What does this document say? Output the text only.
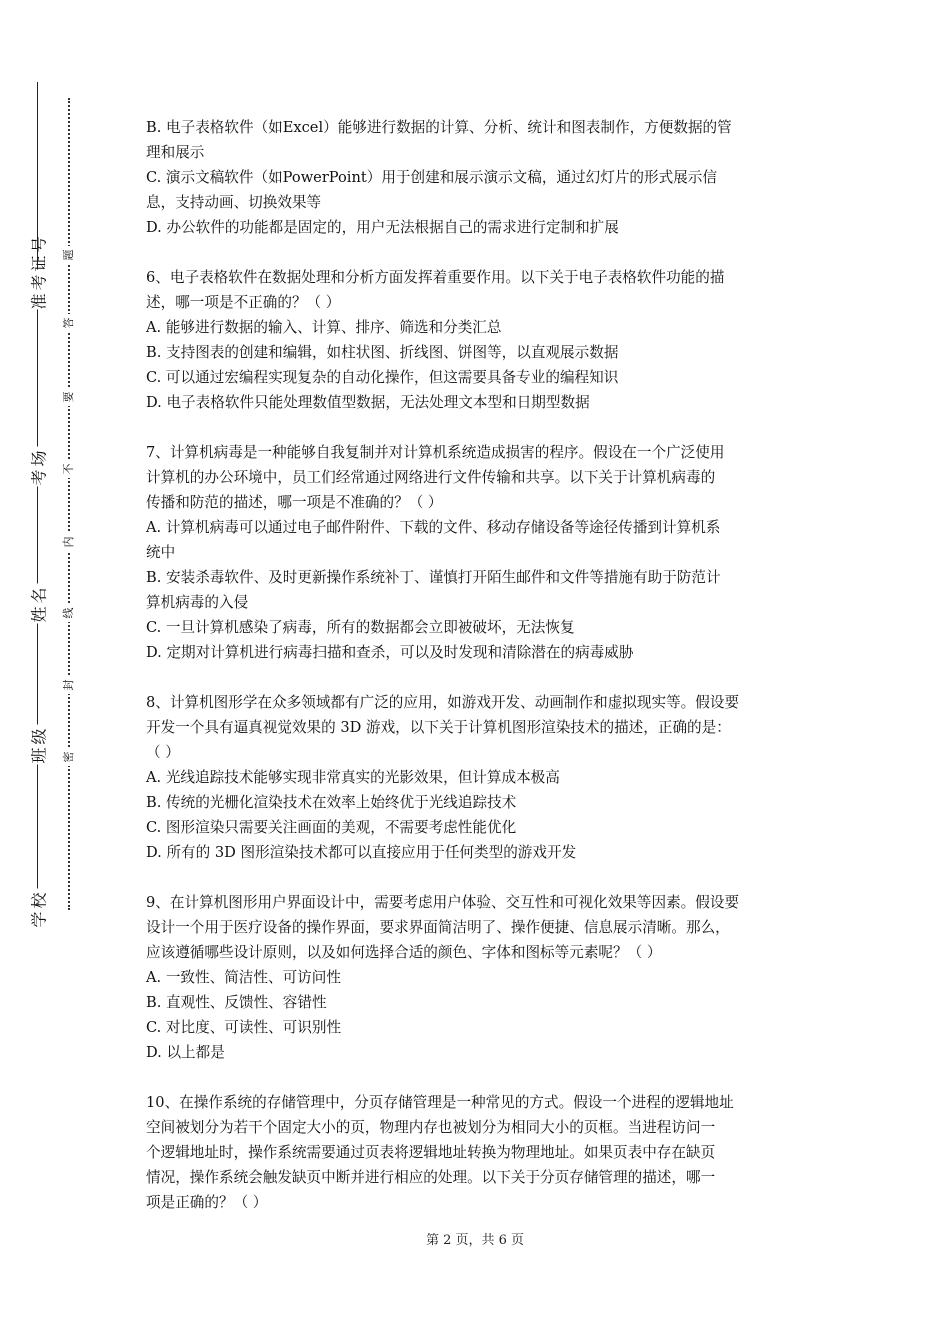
准考证号
考场
姓名
班级
学校
题
答
要
不
内
线
封
密
B. 电子表格软件（如Excel）能够进行数据的计算、分析、统计和图表制作，方便数据的管
理和展示
C. 演示文稿软件（如PowerPoint）用于创建和展示演示文稿，通过幻灯片的形式展示信
息，支持动画、切换效果等
D. 办公软件的功能都是固定的，用户无法根据自己的需求进行定制和扩展
6、电子表格软件在数据处理和分析方面发挥着重要作用。以下关于电子表格软件功能的描
述，哪一项是不正确的？（ ）
A. 能够进行数据的输入、计算、排序、筛选和分类汇总
B. 支持图表的创建和编辑，如柱状图、折线图、饼图等，以直观展示数据
C. 可以通过宏编程实现复杂的自动化操作，但这需要具备专业的编程知识
D. 电子表格软件只能处理数值型数据，无法处理文本型和日期型数据
7、计算机病毒是一种能够自我复制并对计算机系统造成损害的程序。假设在一个广泛使用
计算机的办公环境中，员工们经常通过网络进行文件传输和共享。以下关于计算机病毒的
传播和防范的描述，哪一项是不准确的？（ ）
A. 计算机病毒可以通过电子邮件附件、下载的文件、移动存储设备等途径传播到计算机系
统中
B. 安装杀毒软件、及时更新操作系统补丁、谨慎打开陌生邮件和文件等措施有助于防范计
算机病毒的入侵
C. 一旦计算机感染了病毒，所有的数据都会立即被破坏，无法恢复
D. 定期对计算机进行病毒扫描和查杀，可以及时发现和清除潜在的病毒威胁
8、计算机图形学在众多领域都有广泛的应用，如游戏开发、动画制作和虚拟现实等。假设要
开发一个具有逼真视觉效果的 3D 游戏，以下关于计算机图形渲染技术的描述，正确的是：
（ ）
A. 光线追踪技术能够实现非常真实的光影效果，但计算成本极高
B. 传统的光栅化渲染技术在效率上始终优于光线追踪技术
C. 图形渲染只需要关注画面的美观，不需要考虑性能优化
D. 所有的 3D 图形渲染技术都可以直接应用于任何类型的游戏开发
9、在计算机图形用户界面设计中，需要考虑用户体验、交互性和可视化效果等因素。假设要
设计一个用于医疗设备的操作界面，要求界面简洁明了、操作便捷、信息展示清晰。那么，
应该遵循哪些设计原则，以及如何选择合适的颜色、字体和图标等元素呢？（ ）
A. 一致性、简洁性、可访问性
B. 直观性、反馈性、容错性
C. 对比度、可读性、可识别性
D. 以上都是
10、在操作系统的存储管理中，分页存储管理是一种常见的方式。假设一个进程的逻辑地址
空间被划分为若干个固定大小的页，物理内存也被划分为相同大小的页框。当进程访问一
个逻辑地址时，操作系统需要通过页表将逻辑地址转换为物理地址。如果页表中存在缺页
情况，操作系统会触发缺页中断并进行相应的处理。以下关于分页存储管理的描述，哪一
项是正确的？（ ）
第 2 页，共 6 页
